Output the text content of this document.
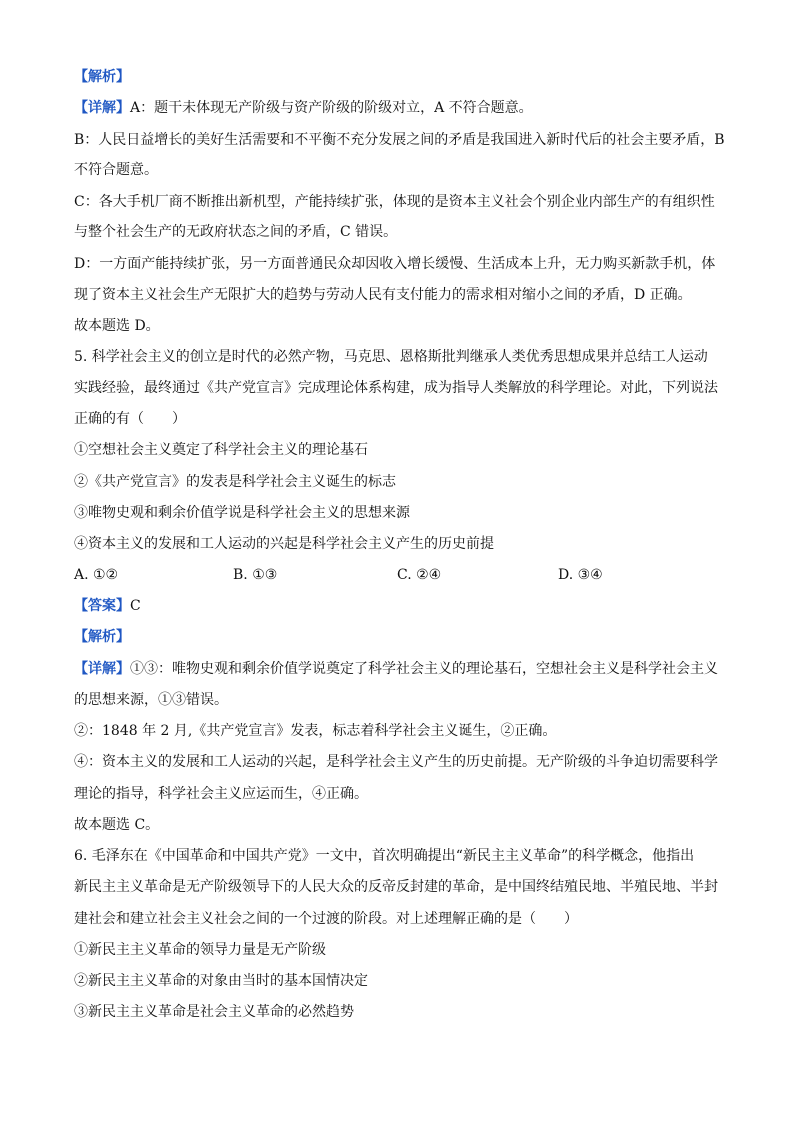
【解析】
【详解】A：题干未体现无产阶级与资产阶级的阶级对立，A 不符合题意。
B：人民日益增长的美好生活需要和不平衡不充分发展之间的矛盾是我国进入新时代后的社会主要矛盾，B
不符合题意。
C：各大手机厂商不断推出新机型，产能持续扩张，体现的是资本主义社会个别企业内部生产的有组织性
与整个社会生产的无政府状态之间的矛盾，C 错误。
D：一方面产能持续扩张，另一方面普通民众却因收入增长缓慢、生活成本上升，无力购买新款手机，体
现了资本主义社会生产无限扩大的趋势与劳动人民有支付能力的需求相对缩小之间的矛盾，D 正确。
故本题选 D。
5. 科学社会主义的创立是时代的必然产物，马克思、恩格斯批判继承人类优秀思想成果并总结工人运动
实践经验，最终通过《共产党宣言》完成理论体系构建，成为指导人类解放的科学理论。对此，下列说法
正确的有（　　）
①空想社会主义奠定了科学社会主义的理论基石
②《共产党宣言》的发表是科学社会主义诞生的标志
③唯物史观和剩余价值学说是科学社会主义的思想来源
④资本主义的发展和工人运动的兴起是科学社会主义产生的历史前提
A. ①②	B. ①③	C. ②④	D. ③④
【答案】C
【解析】
【详解】①③：唯物史观和剩余价值学说奠定了科学社会主义的理论基石，空想社会主义是科学社会主义
的思想来源，①③错误。
②：1848 年 2 月,《共产党宣言》发表，标志着科学社会主义诞生，②正确。
④：资本主义的发展和工人运动的兴起，是科学社会主义产生的历史前提。无产阶级的斗争迫切需要科学
理论的指导，科学社会主义应运而生，④正确。
故本题选 C。
6. 毛泽东在《中国革命和中国共产党》一文中，首次明确提出“新民主主义革命”的科学概念，他指出
新民主主义革命是无产阶级领导下的人民大众的反帝反封建的革命，是中国终结殖民地、半殖民地、半封
建社会和建立社会主义社会之间的一个过渡的阶段。对上述理解正确的是（　　）
①新民主主义革命的领导力量是无产阶级
②新民主主义革命的对象由当时的基本国情决定
③新民主主义革命是社会主义革命的必然趋势
